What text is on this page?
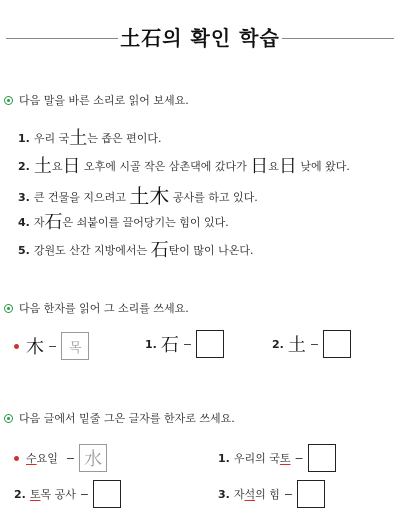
土石의 확인 학습
다음 말을 바른 소리로 읽어 보세요.
1. 우리 국土는 좁은 편이다.
2. 土요日 오후에 시골 작은 삼촌댁에 갔다가 日요日 낮에 왔다.
3. 큰 건물을 지으려고 土木 공사를 하고 있다.
4. 자石은 쇠붙이를 끌어당기는 힘이 있다.
5. 강원도 산간 지방에서는 石탄이 많이 나온다.
다음 한자를 읽어 그 소리를 쓰세요.
木 − 목	1. 石 −	2. 土 −
다음 글에서 밑줄 그은 글자를 한자로 쓰세요.
수 요일 − 水	1. 우리의 국 토 −
2. 토 목 공사 −	3. 자 석 의 힘 −
